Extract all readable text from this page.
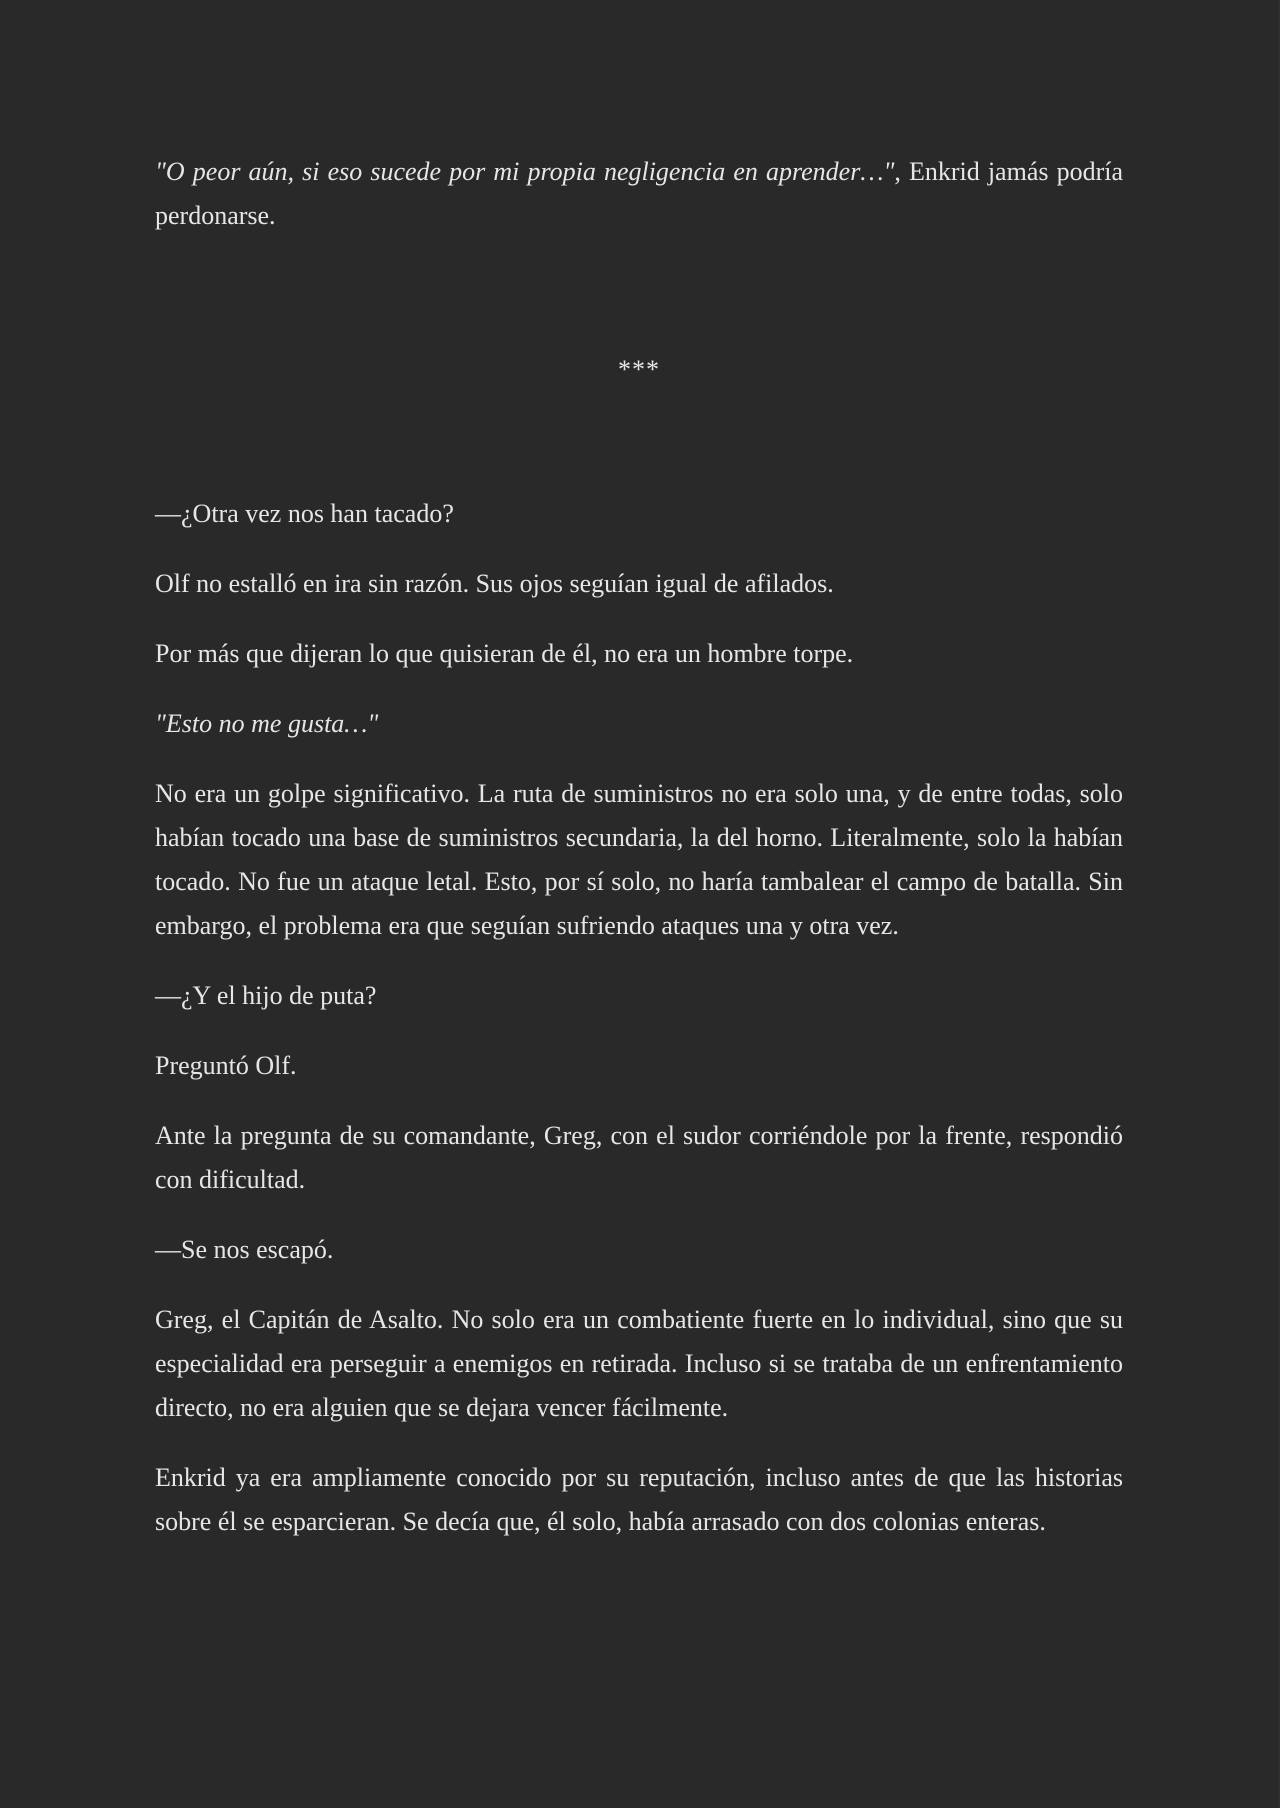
"O peor aún, si eso sucede por mi propia negligencia en aprender…", Enkrid jamás podría perdonarse.

***

—¿Otra vez nos han tacado?

Olf no estalló en ira sin razón. Sus ojos seguían igual de afilados.

Por más que dijeran lo que quisieran de él, no era un hombre torpe.

"Esto no me gusta…"

No era un golpe significativo. La ruta de suministros no era solo una, y de entre todas, solo habían tocado una base de suministros secundaria, la del horno. Literalmente, solo la habían tocado. No fue un ataque letal. Esto, por sí solo, no haría tambalear el campo de batalla. Sin embargo, el problema era que seguían sufriendo ataques una y otra vez.

—¿Y el hijo de puta?

Preguntó Olf.

Ante la pregunta de su comandante, Greg, con el sudor corriéndole por la frente, respondió con dificultad.

—Se nos escapó.

Greg, el Capitán de Asalto. No solo era un combatiente fuerte en lo individual, sino que su especialidad era perseguir a enemigos en retirada. Incluso si se trataba de un enfrentamiento directo, no era alguien que se dejara vencer fácilmente.

Enkrid ya era ampliamente conocido por su reputación, incluso antes de que las historias sobre él se esparcieran. Se decía que, él solo, había arrasado con dos colonias enteras.
